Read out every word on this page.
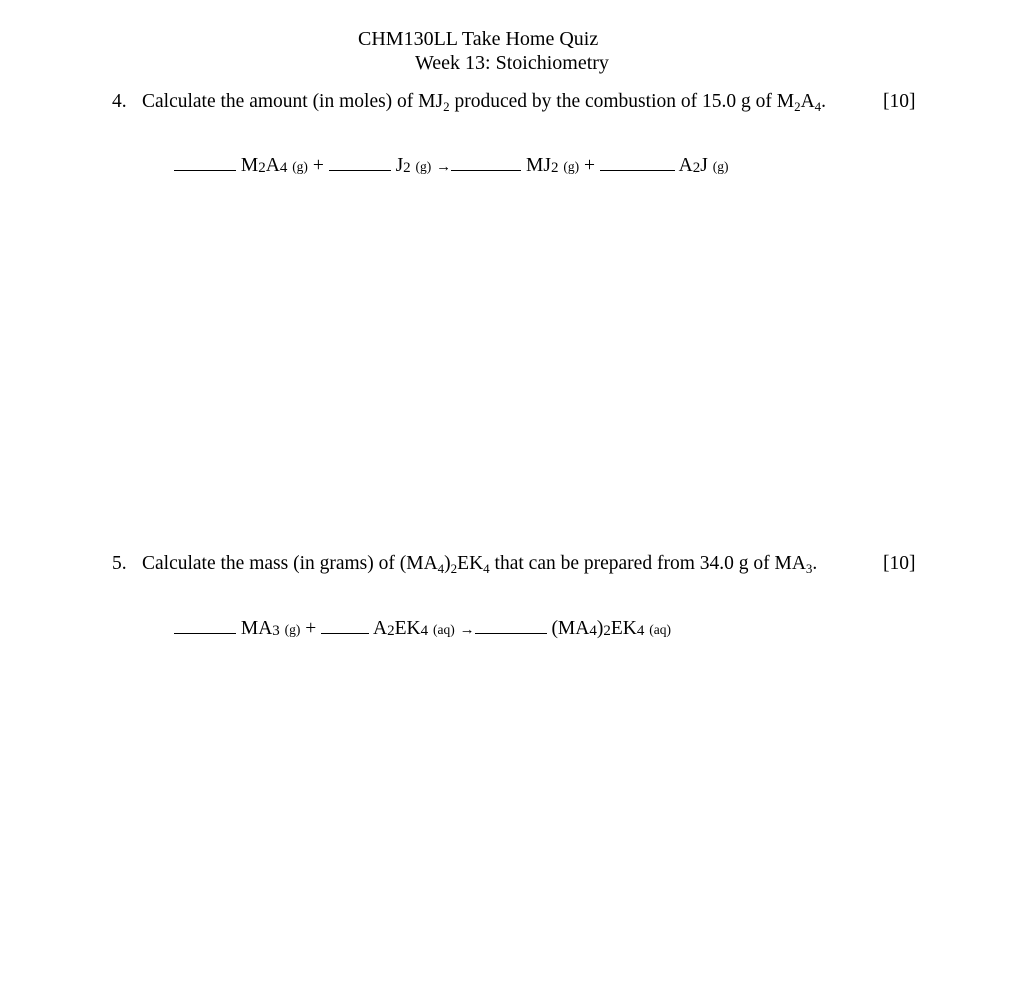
CHM130LL Take Home Quiz
Week 13: Stoichiometry
4. Calculate the amount (in moles) of $MJ_2$ produced by the combustion of 15.0 g of $M_2A_4$.	[10]
M2A4 (g) +	J2 (g) →	MJ2 (g) +	A2J (g)
5. Calculate the mass (in grams) of $(MA_4)_2EK_4$ that can be prepared from 34.0 g of $MA_3$.	[10]
MA3 (g) +	A2EK4 (aq) →	(MA4)2EK4 (aq)
